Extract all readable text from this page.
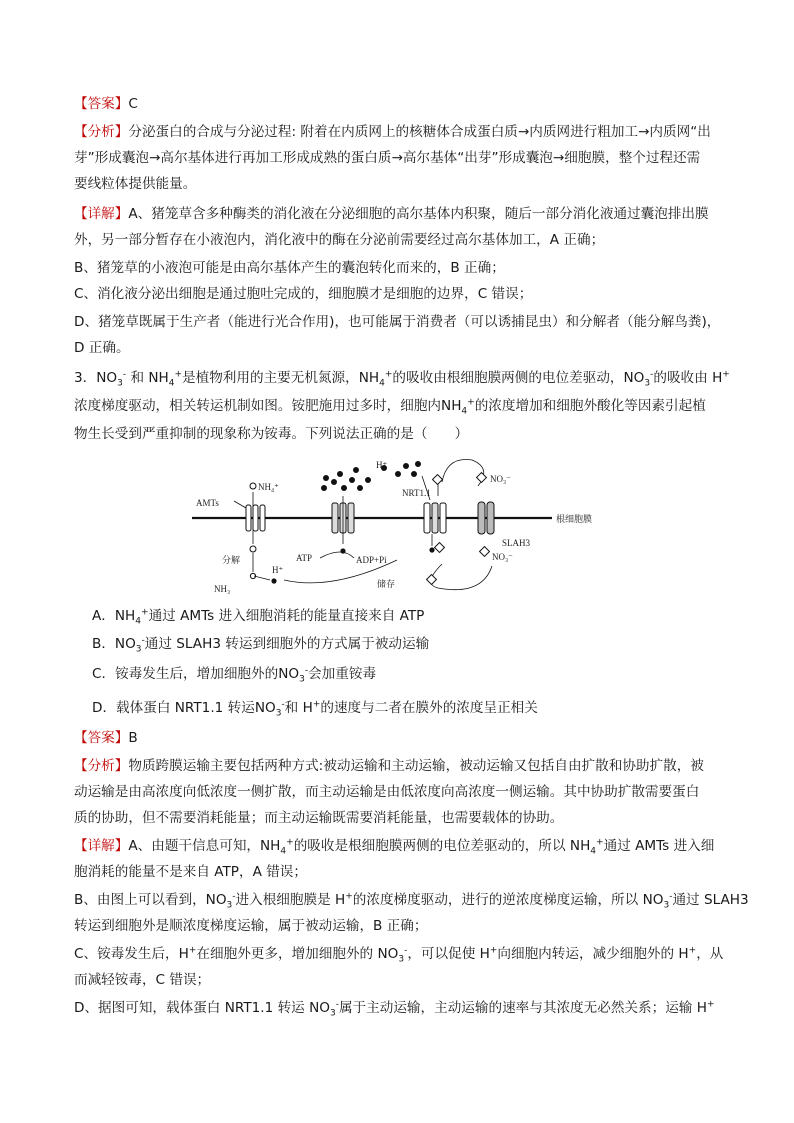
【答案】C
【分析】分泌蛋白的合成与分泌过程: 附着在内质网上的核糖体合成蛋白质→内质网进行粗加工→内质网“出
芽”形成囊泡→高尔基体进行再加工形成成熟的蛋白质→高尔基体“出芽”形成囊泡→细胞膜，整个过程还需
要线粒体提供能量。
【详解】A、猪笼草含多种酶类的消化液在分泌细胞的高尔基体内积聚，随后一部分消化液通过囊泡排出膜
外，另一部分暂存在小液泡内，消化液中的酶在分泌前需要经过高尔基体加工，A 正确；
B、猪笼草的小液泡可能是由高尔基体产生的囊泡转化而来的，B 正确；
C、消化液分泌出细胞是通过胞吐完成的，细胞膜才是细胞的边界，C 错误；
D、猪笼草既属于生产者（能进行光合作用)，也可能属于消费者（可以诱捕昆虫）和分解者（能分解鸟粪)，
D 正确。
3．$NO_3^-$ 和 $NH_4^+$是植物利用的主要无机氮源，$NH_4^+$的吸收由根细胞膜两侧的电位差驱动，$NO_3^-$的吸收由 H+
浓度梯度驱动，相关转运机制如图。铵肥施用过多时，细胞内$NH_4^+$的浓度增加和细胞外酸化等因素引起植
物生长受到严重抑制的现象称为铵毒。下列说法正确的是（　　）
根细胞膜
AMTs
NH₄⁺
分解
NH₃
H⁺
ATP	ADP+Pi
储存
H⁺
NRT1.1
NO₃⁻
SLAH3
NO₃⁻
A．$NH_4^+$通过 AMTs 进入细胞消耗的能量直接来自 ATP
B．$NO_3^-$通过 SLAH3 转运到细胞外的方式属于被动运输
C．铵毒发生后，增加细胞外的$NO_3^-$会加重铵毒
D．载体蛋白 NRT1.1 转运$NO_3^-$和 H+的速度与二者在膜外的浓度呈正相关
【答案】B
【分析】物质跨膜运输主要包括两种方式:被动运输和主动运输，被动运输又包括自由扩散和协助扩散，被
动运输是由高浓度向低浓度一侧扩散，而主动运输是由低浓度向高浓度一侧运输。其中协助扩散需要蛋白
质的协助，但不需要消耗能量；而主动运输既需要消耗能量，也需要载体的协助。
【详解】A、由题干信息可知，$NH_4^+$的吸收是根细胞膜两侧的电位差驱动的，所以 $NH_4^+$通过 AMTs 进入细
胞消耗的能量不是来自 ATP，A 错误；
B、由图上可以看到，$NO_3^-$进入根细胞膜是 H+的浓度梯度驱动，进行的逆浓度梯度运输，所以 $NO_3^-$通过 SLAH3
转运到细胞外是顺浓度梯度运输，属于被动运输，B 正确；
C、铵毒发生后，H+在细胞外更多，增加细胞外的 $NO_3^-$，可以促使 H+向细胞内转运，减少细胞外的 H+，从
而减轻铵毒，C 错误；
D、据图可知，载体蛋白 NRT1.1 转运 $NO_3^-$属于主动运输，主动运输的速率与其浓度无必然关系；运输 H+
